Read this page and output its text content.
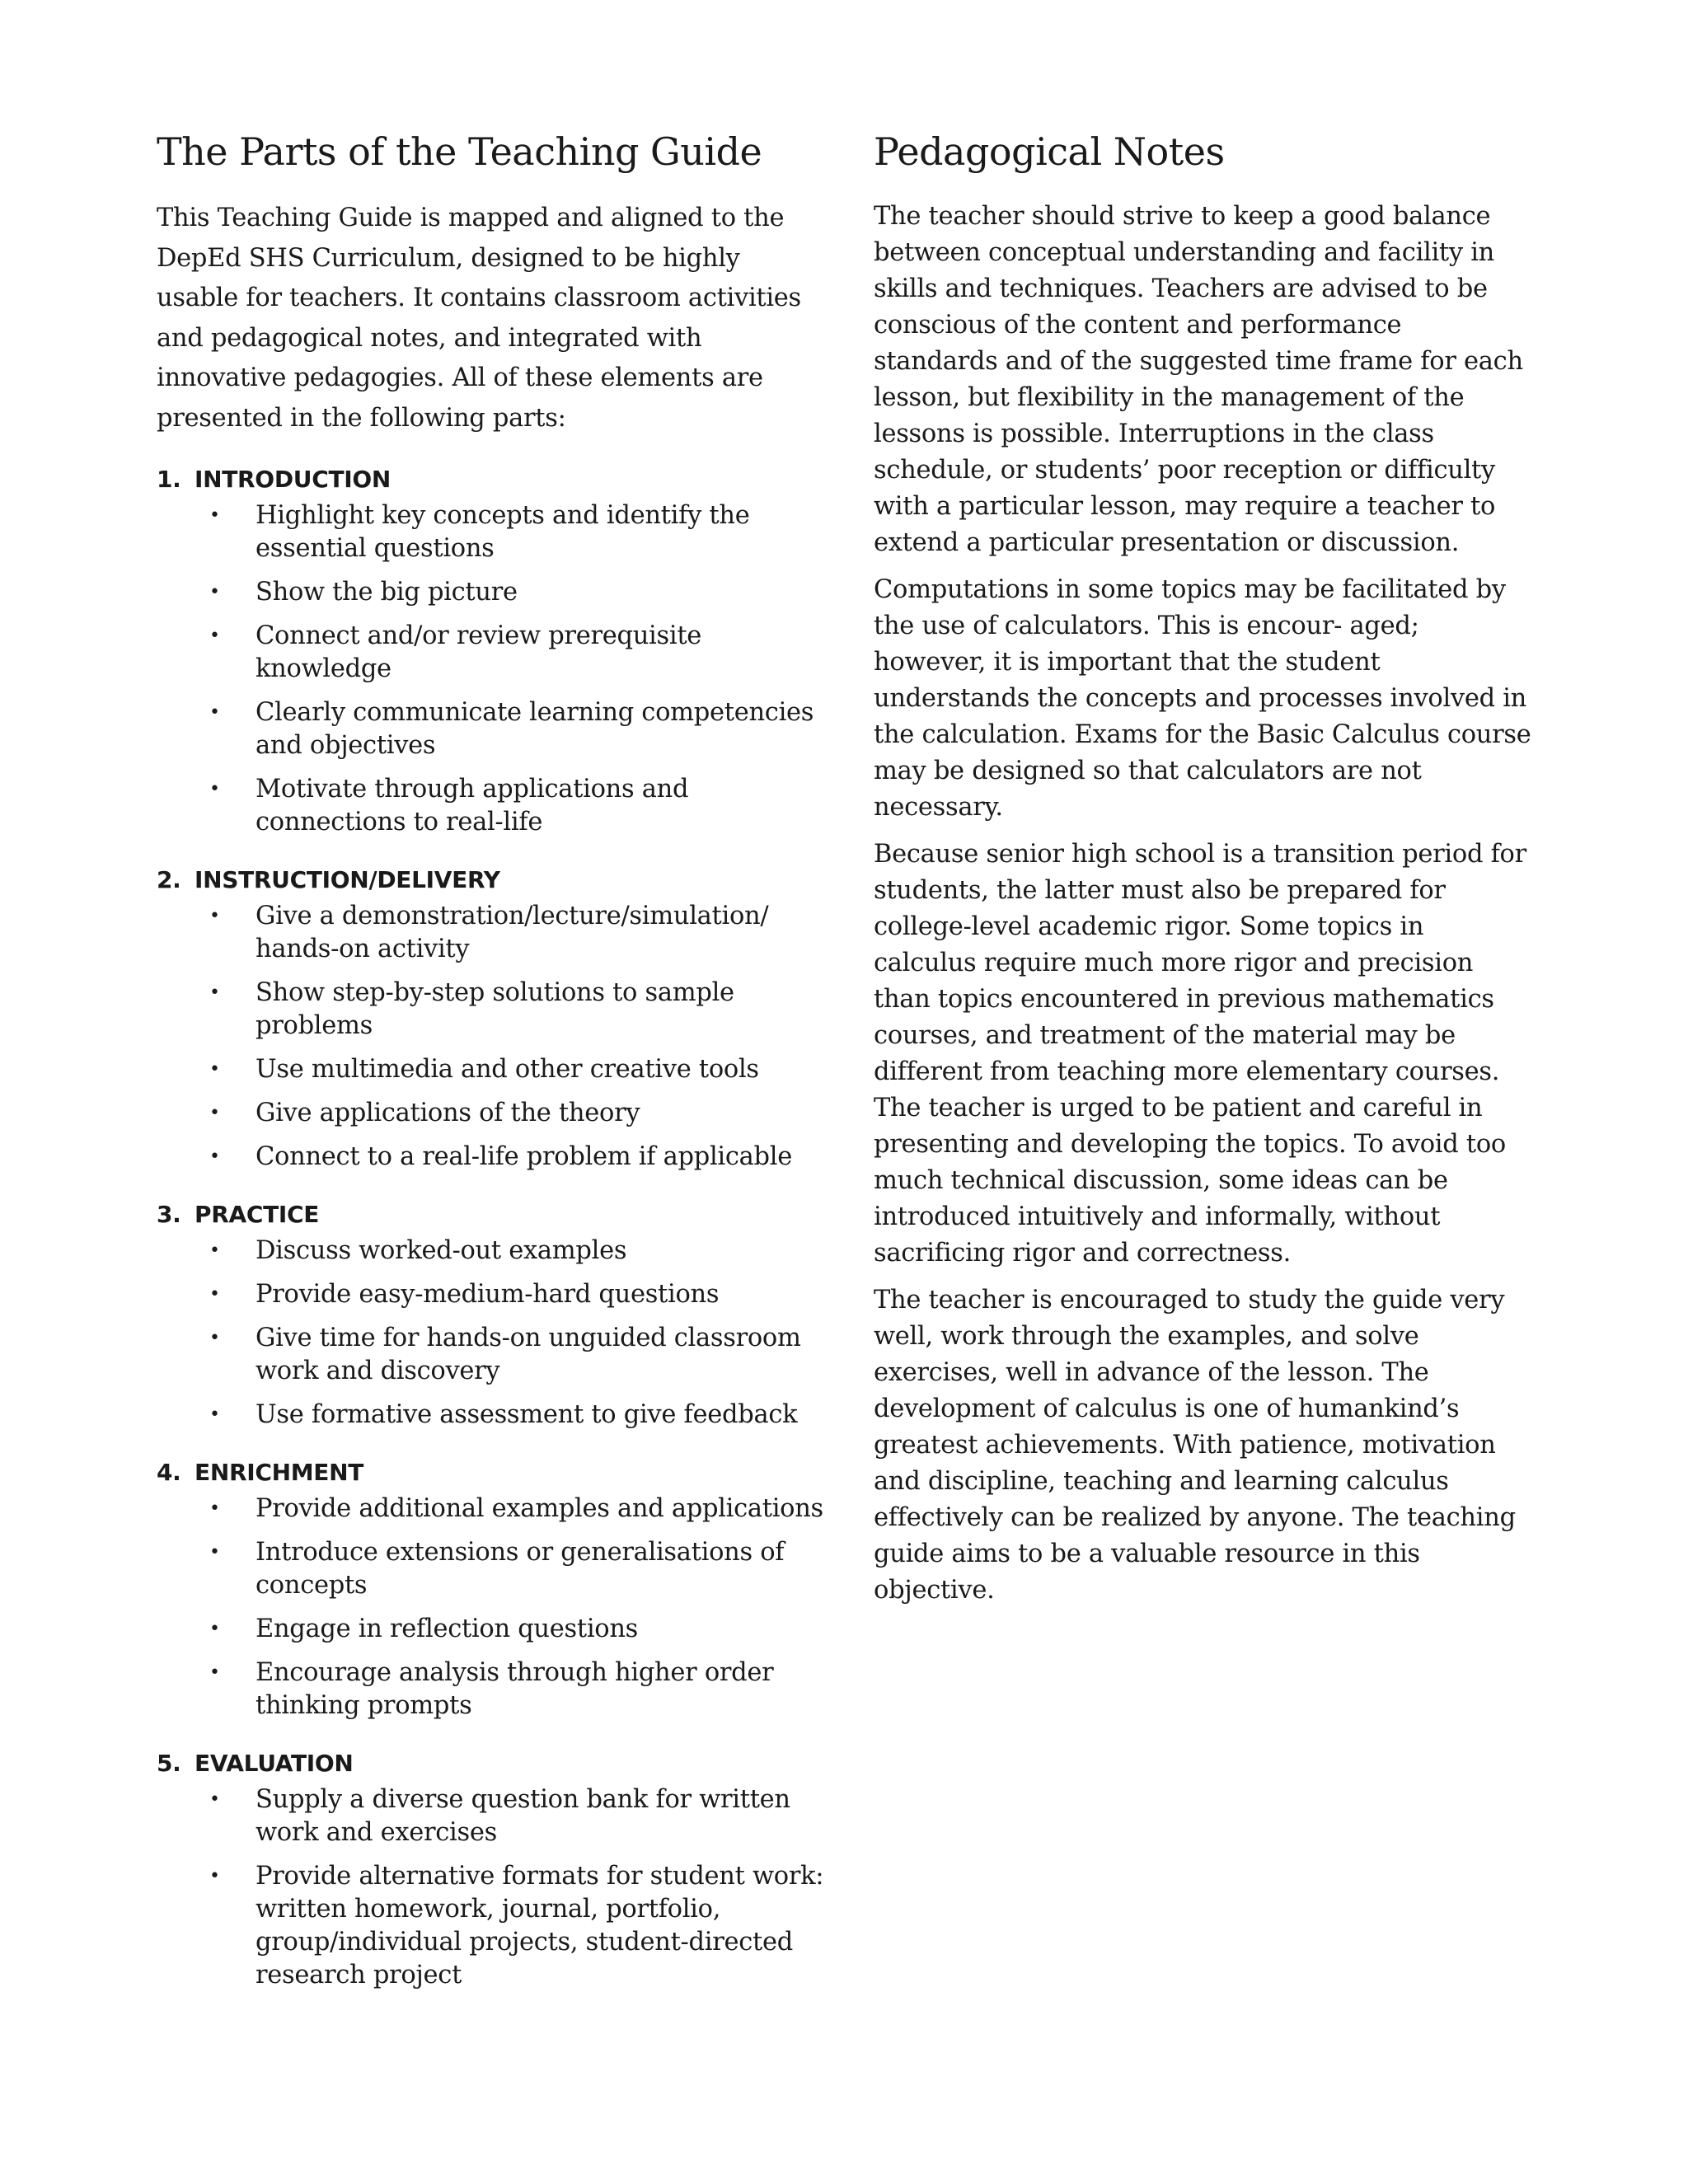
The Parts of the Teaching Guide

This Teaching Guide is mapped and aligned to the DepEd SHS Curriculum, designed to be highly usable for teachers. It contains classroom activities and pedagogical notes, and integrated with innovative pedagogies. All of these elements are presented in the following parts:

1. INTRODUCTION
• Highlight key concepts and identify the essential questions
• Show the big picture
• Connect and/or review prerequisite knowledge
• Clearly communicate learning competencies and objectives
• Motivate through applications and connections to real-life
2. INSTRUCTION/DELIVERY
• Give a demonstration/lecture/simulation/ hands-on activity
• Show step-by-step solutions to sample problems
• Use multimedia and other creative tools
• Give applications of the theory
• Connect to a real-life problem if applicable
3. PRACTICE
• Discuss worked-out examples
• Provide easy-medium-hard questions
• Give time for hands-on unguided classroom work and discovery
• Use formative assessment to give feedback
4. ENRICHMENT
• Provide additional examples and applications
• Introduce extensions or generalisations of concepts
• Engage in reflection questions
• Encourage analysis through higher order thinking prompts
5. EVALUATION
• Supply a diverse question bank for written work and exercises
• Provide alternative formats for student work: written homework, journal, portfolio, group/individual projects, student-directed research project
Pedagogical Notes

The teacher should strive to keep a good balance between conceptual understanding and facility in skills and techniques. Teachers are advised to be conscious of the content and performance standards and of the suggested time frame for each lesson, but flexibility in the management of the lessons is possible. Interruptions in the class schedule, or students’ poor reception or difficulty with a particular lesson, may require a teacher to extend a particular presentation or discussion.

Computations in some topics may be facilitated by the use of calculators. This is encour- aged; however, it is important that the student understands the concepts and processes involved in the calculation. Exams for the Basic Calculus course may be designed so that calculators are not necessary.

Because senior high school is a transition period for students, the latter must also be prepared for college-level academic rigor. Some topics in calculus require much more rigor and precision than topics encountered in previous mathematics courses, and treatment of the material may be different from teaching more elementary courses. The teacher is urged to be patient and careful in presenting and developing the topics. To avoid too much technical discussion, some ideas can be introduced intuitively and informally, without sacrificing rigor and correctness.

The teacher is encouraged to study the guide very well, work through the examples, and solve exercises, well in advance of the lesson. The development of calculus is one of humankind’s greatest achievements. With patience, motivation and discipline, teaching and learning calculus effectively can be realized by anyone. The teaching guide aims to be a valuable resource in this objective.
